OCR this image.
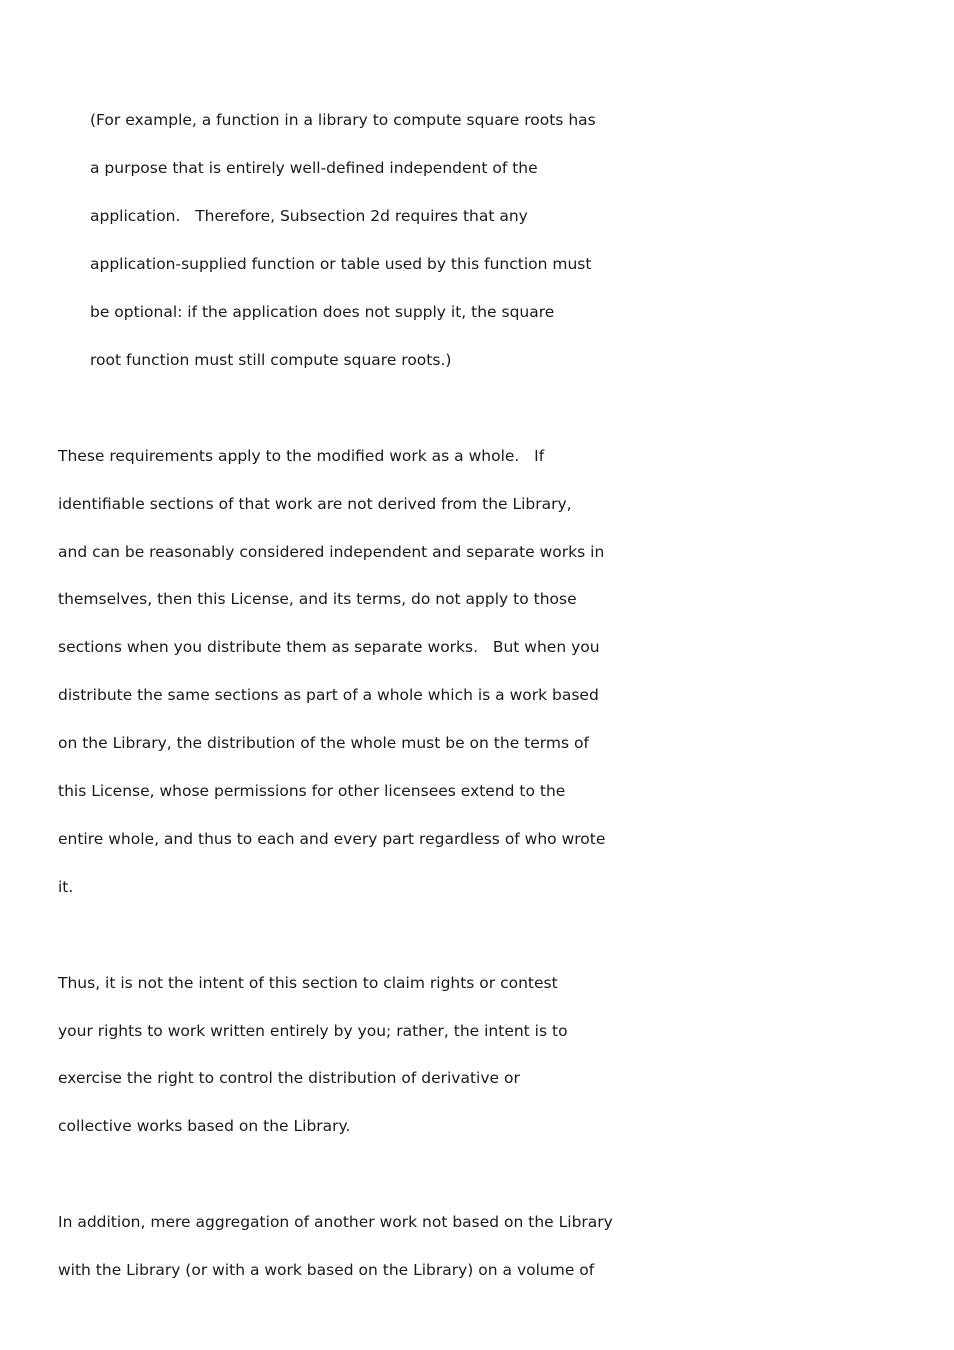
(For example, a function in a library to compute square roots has
a purpose that is entirely well-defined independent of the
application.   Therefore, Subsection 2d requires that any
application-supplied function or table used by this function must
be optional: if the application does not supply it, the square
root function must still compute square roots.)
These requirements apply to the modified work as a whole.   If
identifiable sections of that work are not derived from the Library,
and can be reasonably considered independent and separate works in
themselves, then this License, and its terms, do not apply to those
sections when you distribute them as separate works.   But when you
distribute the same sections as part of a whole which is a work based
on the Library, the distribution of the whole must be on the terms of
this License, whose permissions for other licensees extend to the
entire whole, and thus to each and every part regardless of who wrote
it.
Thus, it is not the intent of this section to claim rights or contest
your rights to work written entirely by you; rather, the intent is to
exercise the right to control the distribution of derivative or
collective works based on the Library.
In addition, mere aggregation of another work not based on the Library
with the Library (or with a work based on the Library) on a volume of
